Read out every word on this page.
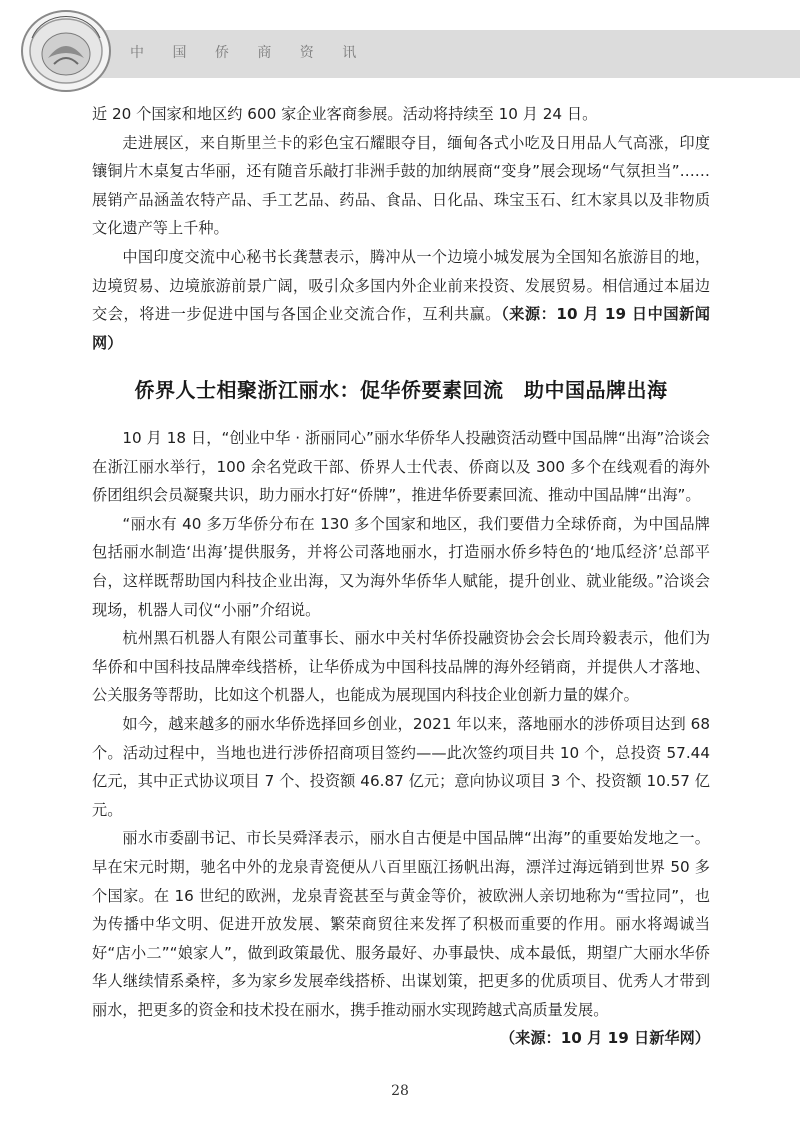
中 国 侨 商 资 讯

近 20 个国家和地区约 600 家企业客商参展。活动将持续至 10 月 24 日。

走进展区，来自斯里兰卡的彩色宝石耀眼夺目，缅甸各式小吃及日用品人气高涨，印度镶铜片木桌复古华丽，还有随音乐敲打非洲手鼓的加纳展商“变身”展会现场“气氛担当”……展销产品涵盖农特产品、手工艺品、药品、食品、日化品、珠宝玉石、红木家具以及非物质文化遗产等上千种。

中国印度交流中心秘书长龚慧表示，腾冲从一个边境小城发展为全国知名旅游目的地，边境贸易、边境旅游前景广阔，吸引众多国内外企业前来投资、发展贸易。相信通过本届边交会，将进一步促进中国与各国企业交流合作，互利共赢。（来源：10 月 19 日中国新闻网）

侨界人士相聚浙江丽水：促华侨要素回流　助中国品牌出海

10 月 18 日，“创业中华 · 浙丽同心”丽水华侨华人投融资活动暨中国品牌“出海”洽谈会在浙江丽水举行，100 余名党政干部、侨界人士代表、侨商以及 300 多个在线观看的海外侨团组织会员凝聚共识，助力丽水打好“侨牌”，推进华侨要素回流、推动中国品牌“出海”。

“丽水有 40 多万华侨分布在 130 多个国家和地区，我们要借力全球侨商，为中国品牌包括丽水制造‘出海’提供服务，并将公司落地丽水，打造丽水侨乡特色的‘地瓜经济’总部平台，这样既帮助国内科技企业出海，又为海外华侨华人赋能，提升创业、就业能级。”洽谈会现场，机器人司仪“小丽”介绍说。

杭州黑石机器人有限公司董事长、丽水中关村华侨投融资协会会长周玲毅表示，他们为华侨和中国科技品牌牵线搭桥，让华侨成为中国科技品牌的海外经销商，并提供人才落地、公关服务等帮助，比如这个机器人，也能成为展现国内科技企业创新力量的媒介。

如今，越来越多的丽水华侨选择回乡创业，2021 年以来，落地丽水的涉侨项目达到 68 个。活动过程中，当地也进行涉侨招商项目签约——此次签约项目共 10 个，总投资 57.44 亿元，其中正式协议项目 7 个、投资额 46.87 亿元；意向协议项目 3 个、投资额 10.57 亿元。

丽水市委副书记、市长吴舜泽表示，丽水自古便是中国品牌“出海”的重要始发地之一。早在宋元时期，驰名中外的龙泉青瓷便从八百里瓯江扬帆出海，漂洋过海远销到世界 50 多个国家。在 16 世纪的欧洲，龙泉青瓷甚至与黄金等价，被欧洲人亲切地称为“雪拉同”，也为传播中华文明、促进开放发展、繁荣商贸往来发挥了积极而重要的作用。丽水将竭诚当好“店小二”“娘家人”，做到政策最优、服务最好、办事最快、成本最低，期望广大丽水华侨华人继续情系桑梓，多为家乡发展牵线搭桥、出谋划策，把更多的优质项目、优秀人才带到丽水，把更多的资金和技术投在丽水，携手推动丽水实现跨越式高质量发展。

（来源：10 月 19 日新华网）

28
